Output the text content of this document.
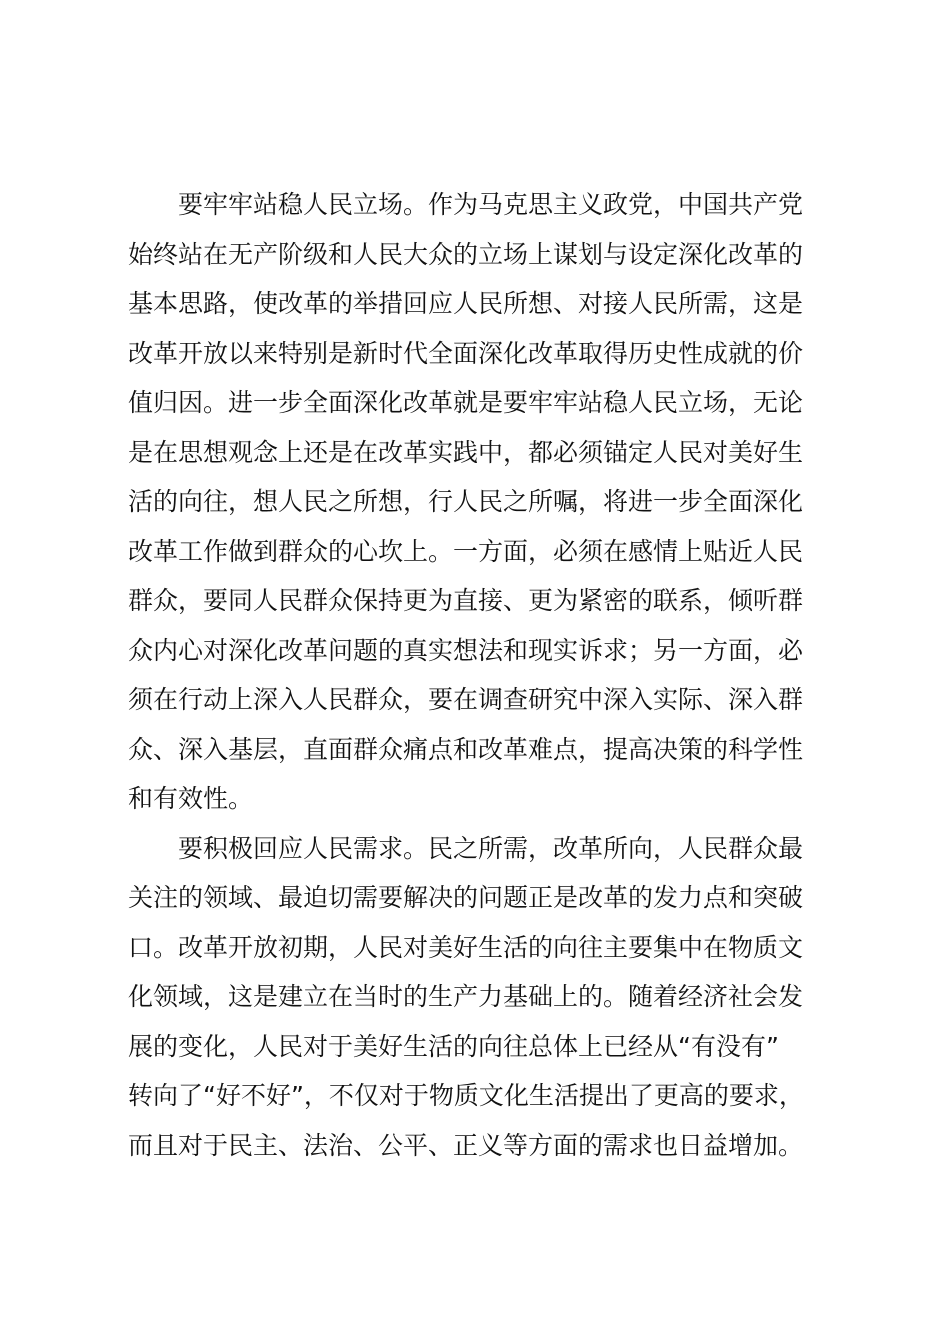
要牢牢站稳人民立场。作为马克思主义政党，中国共产党
始终站在无产阶级和人民大众的立场上谋划与设定深化改革的
基本思路，使改革的举措回应人民所想、对接人民所需，这是
改革开放以来特别是新时代全面深化改革取得历史性成就的价
值归因。进一步全面深化改革就是要牢牢站稳人民立场，无论
是在思想观念上还是在改革实践中，都必须锚定人民对美好生
活的向往，想人民之所想，行人民之所嘱，将进一步全面深化
改革工作做到群众的心坎上。一方面，必须在感情上贴近人民
群众，要同人民群众保持更为直接、更为紧密的联系，倾听群
众内心对深化改革问题的真实想法和现实诉求；另一方面，必
须在行动上深入人民群众，要在调查研究中深入实际、深入群
众、深入基层，直面群众痛点和改革难点，提高决策的科学性
和有效性。
要积极回应人民需求。民之所需，改革所向，人民群众最
关注的领域、最迫切需要解决的问题正是改革的发力点和突破
口。改革开放初期，人民对美好生活的向往主要集中在物质文
化领域，这是建立在当时的生产力基础上的。随着经济社会发
展的变化，人民对于美好生活的向往总体上已经从“有没有”
转向了“好不好”，不仅对于物质文化生活提出了更高的要求，
而且对于民主、法治、公平、正义等方面的需求也日益增加。
